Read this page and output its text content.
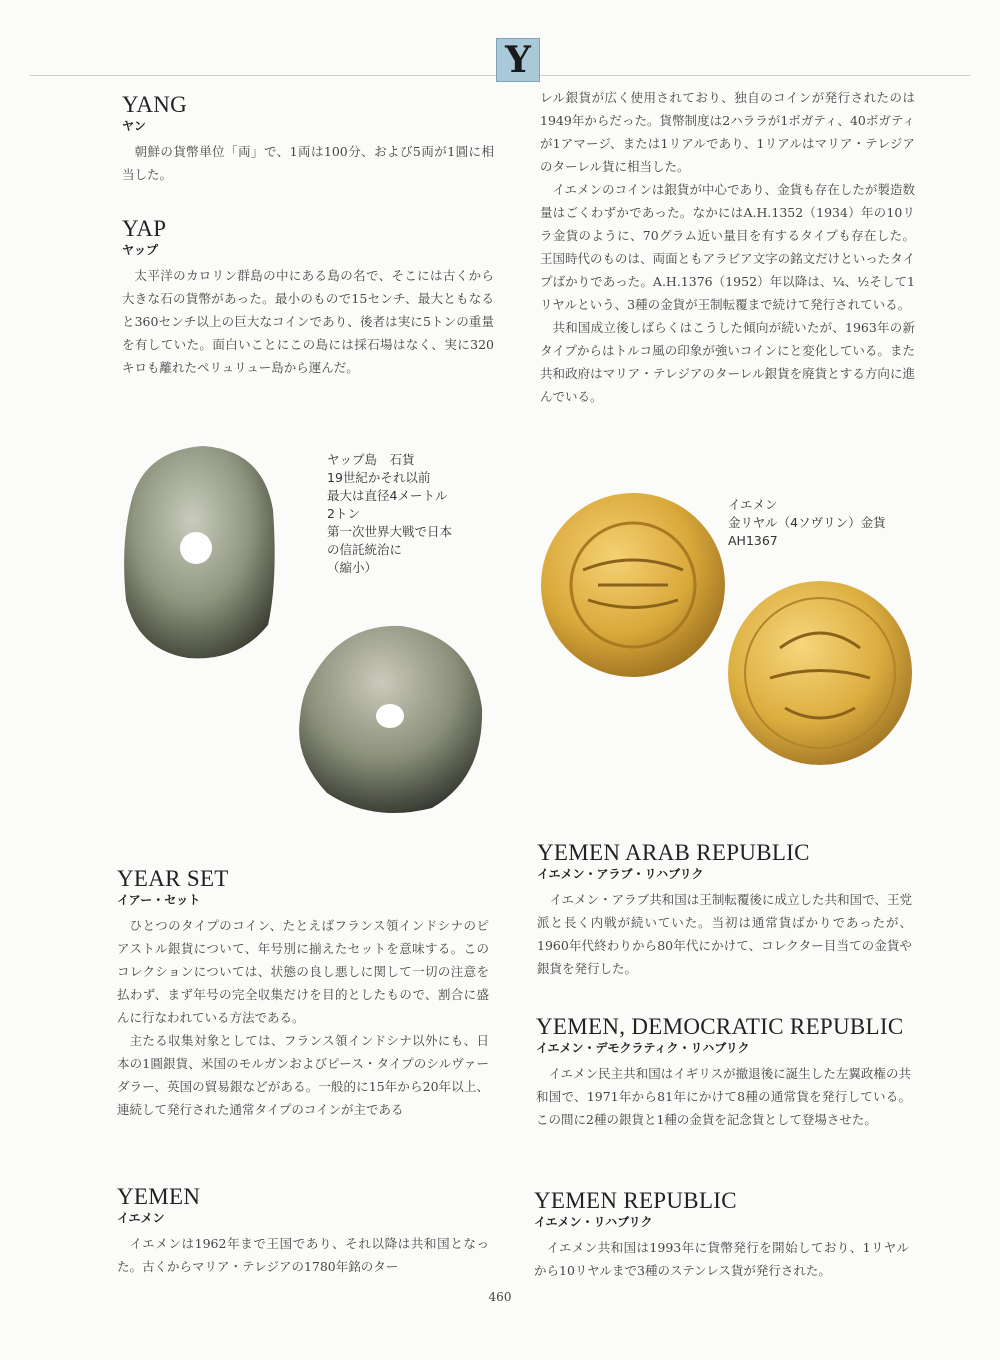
Y
YANG
ヤン

朝鮮の貨幣単位「両」で、1両は100分、および5両が1圓に相当した。

YAP
ヤップ

太平洋のカロリン群島の中にある島の名で、そこには古くから大きな石の貨幣があった。最小のもので15センチ、最大ともなると360センチ以上の巨大なコインであり、後者は実に5トンの重量を有していた。面白いことにこの島には採石場はなく、実に320キロも離れたペリュリュー島から運んだ。

ヤップ島　石貨
19世紀かそれ以前
最大は直径4メートル
2トン
第一次世界大戦で日本
の信託統治に
（縮小）
YEAR SET
イアー・セット

ひとつのタイプのコイン、たとえばフランス領インドシナのピアストル銀貨について、年号別に揃えたセットを意味する。このコレクションについては、状態の良し悪しに関して一切の注意を払わず、まず年号の完全収集だけを目的としたもので、割合に盛んに行なわれている方法である。

主たる収集対象としては、フランス領インドシナ以外にも、日本の1圓銀貨、米国のモルガンおよびピース・タイプのシルヴァーダラー、英国の貿易銀などがある。一般的に15年から20年以上、連続して発行された通常タイプのコインが主である

YEMEN
イエメン

イエメンは1962年まで王国であり、それ以降は共和国となった。古くからマリア・テレジアの1780年銘のター

レル銀貨が広く使用されており、独自のコインが発行されたのは1949年からだった。貨幣制度は2ハララが1ボガティ、40ボガティが1アマージ、または1リアルであり、1リアルはマリア・テレジアのターレル貨に相当した。

イエメンのコインは銀貨が中心であり、金貨も存在したが製造数量はごくわずかであった。なかにはA.H.1352（1934）年の10リラ金貨のように、70グラム近い量目を有するタイプも存在した。王国時代のものは、両面ともアラビア文字の銘文だけといったタイプばかりであった。A.H.1376（1952）年以降は、¼、½そして1リヤルという、3種の金貨が王制転覆まで続けて発行されている。

共和国成立後しばらくはこうした傾向が続いたが、1963年の新タイプからはトルコ風の印象が強いコインにと変化している。また共和政府はマリア・テレジアのターレル銀貨を廃貨とする方向に進んでいる。

イエメン
金リヤル（4ソヴリン）金貨
AH1367
YEMEN ARAB REPUBLIC
イエメン・アラブ・リハブリク

イエメン・アラブ共和国は王制転覆後に成立した共和国で、王党派と長く内戦が続いていた。当初は通常貨ばかりであったが、1960年代終わりから80年代にかけて、コレクター目当ての金貨や銀貨を発行した。

YEMEN, DEMOCRATIC REPUBLIC
イエメン・デモクラティク・リハブリク

イエメン民主共和国はイギリスが撤退後に誕生した左翼政権の共和国で、1971年から81年にかけて8種の通常貨を発行している。この間に2種の銀貨と1種の金貨を記念貨として登場させた。

YEMEN REPUBLIC
イエメン・リハブリク

イエメン共和国は1993年に貨幣発行を開始しており、1リヤルから10リヤルまで3種のステンレス貨が発行された。

460
